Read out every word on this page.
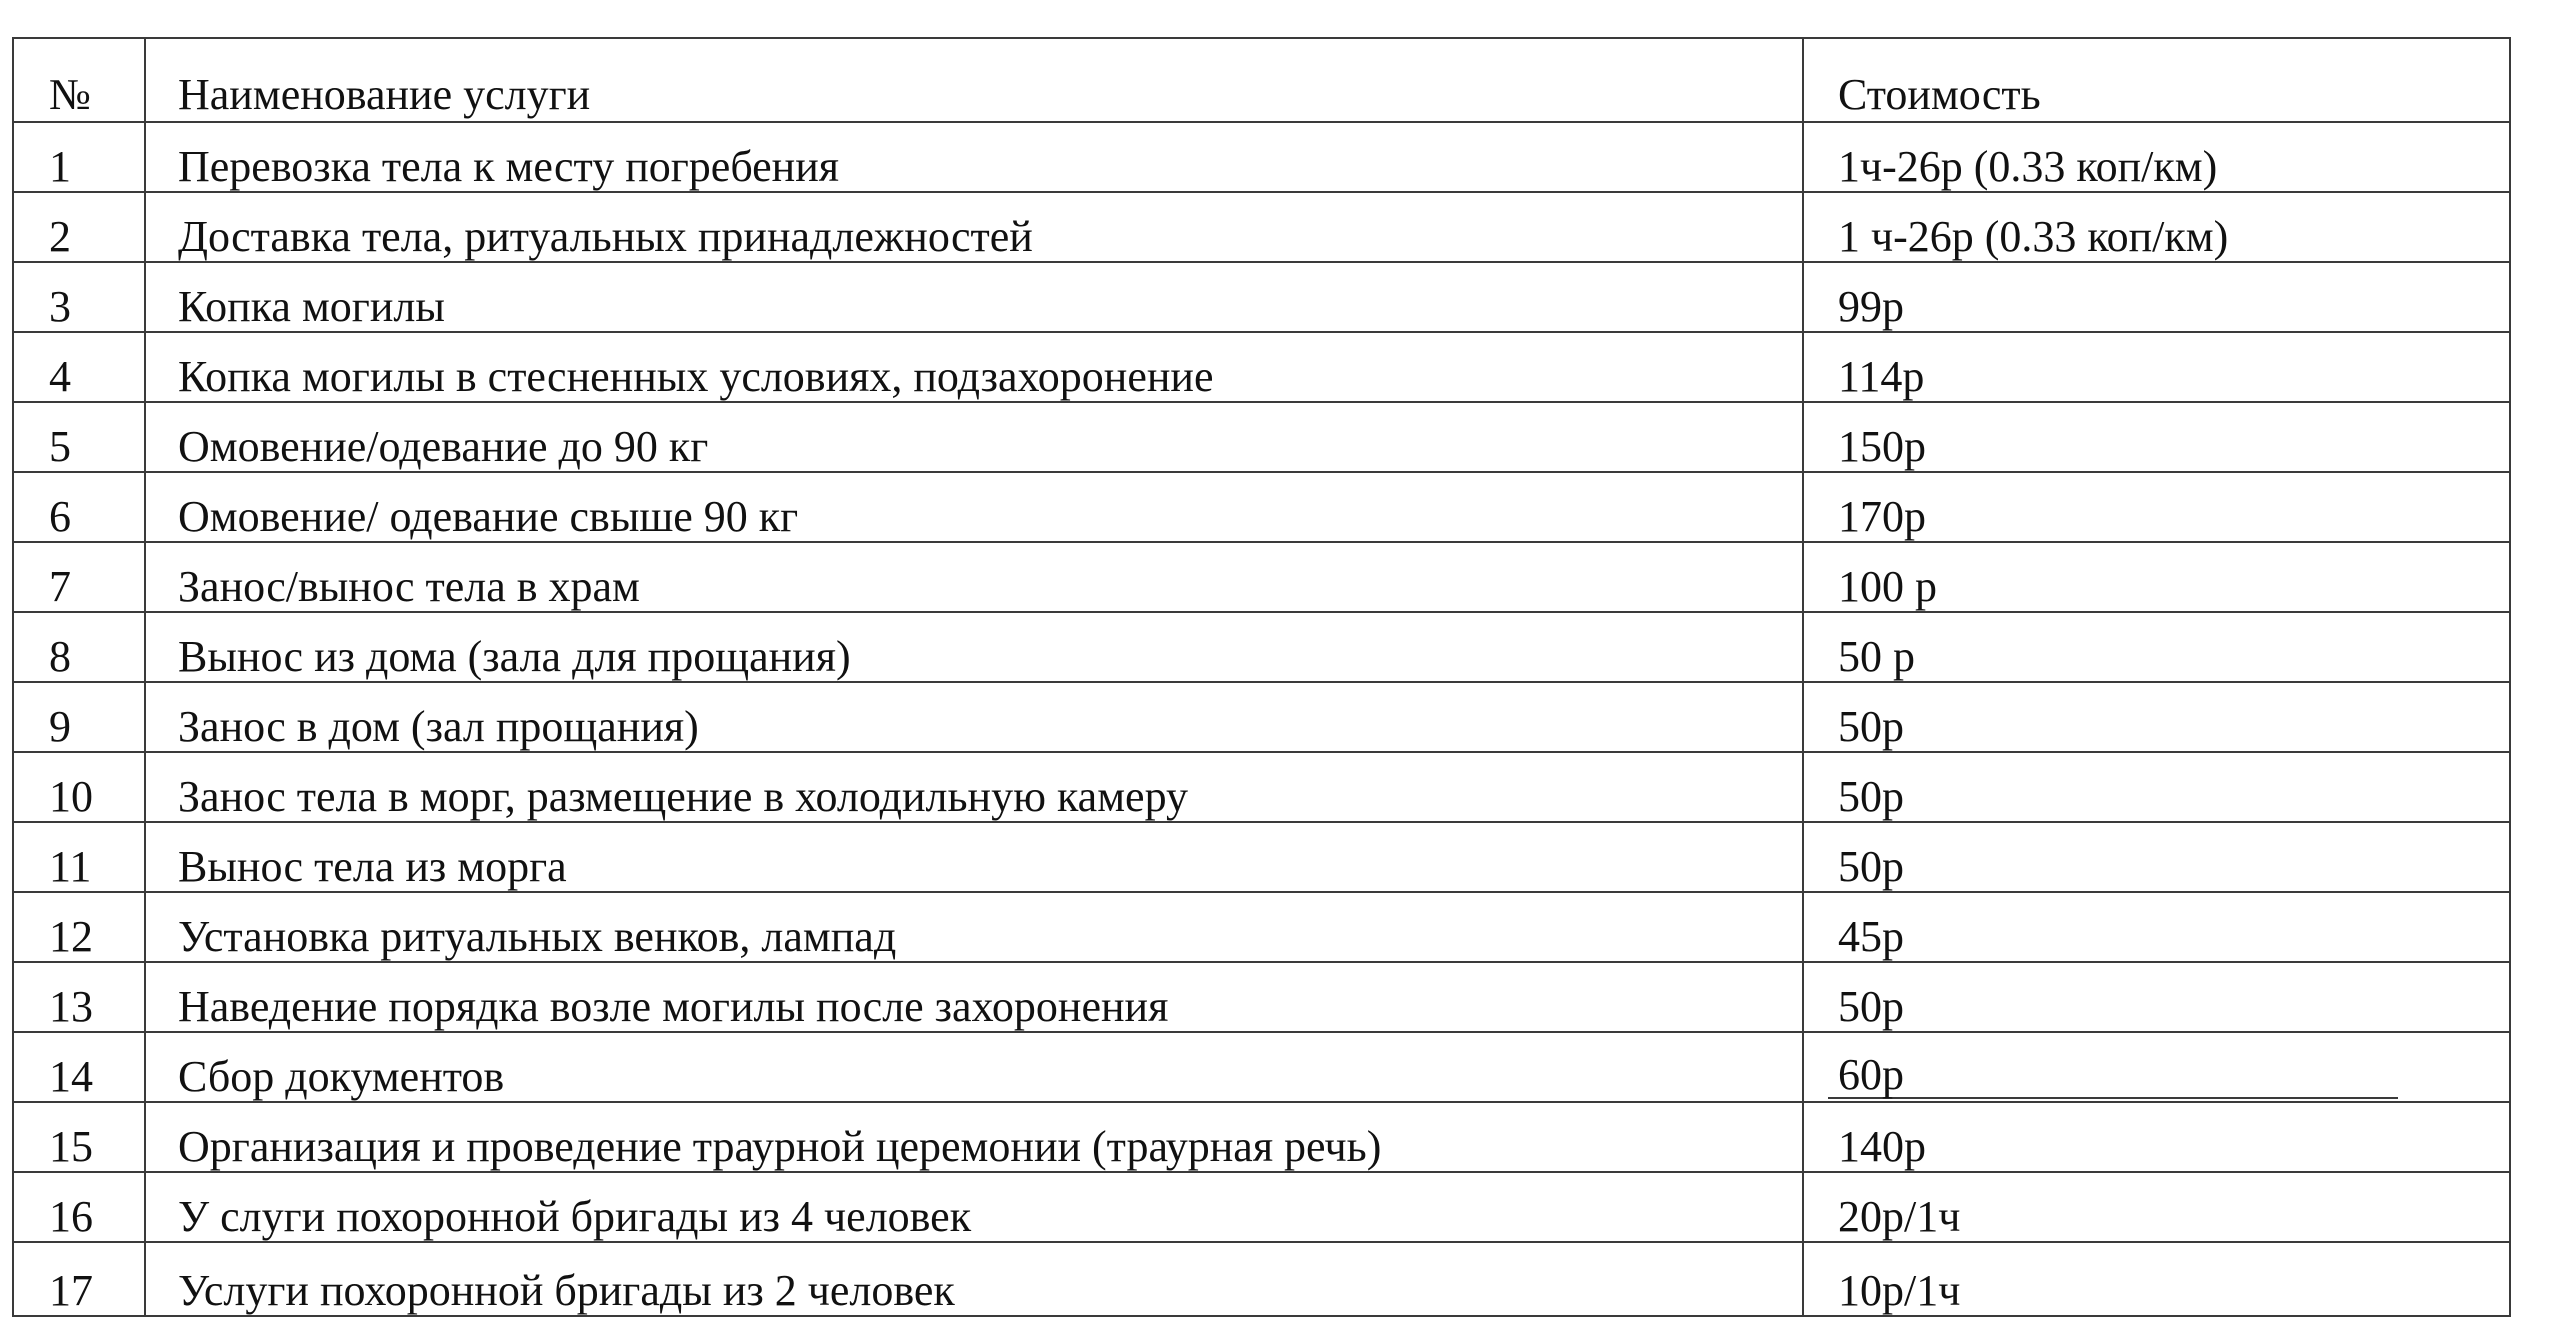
№	Наименование услуги	Стоимость
1	Перевозка тела к месту погребения	1ч-26р (0.33 коп/км)
2	Доставка тела, ритуальных принадлежностей	1 ч-26р (0.33 коп/км)
3	Копка могилы	99р
4	Копка могилы в стесненных условиях, подзахоронение	114р
5	Омовение/одевание до 90 кг	150р
6	Омовение/ одевание свыше 90 кг	170р
7	Занос/вынос тела в храм	100 р
8	Вынос из дома (зала для прощания)	50 р
9	Занос в дом (зал прощания)	50р
10	Занос тела в морг, размещение в холодильную камеру	50р
11	Вынос тела из морга	50р
12	Установка ритуальных венков, лампад	45р
13	Наведение порядка возле могилы после захоронения	50р
14	Сбор документов	60р
15	Организация и проведение траурной церемонии (траурная речь)	140р
16	У слуги похоронной бригады из 4 человек	20р/1ч
17	Услуги похоронной бригады из 2 человек	10р/1ч
